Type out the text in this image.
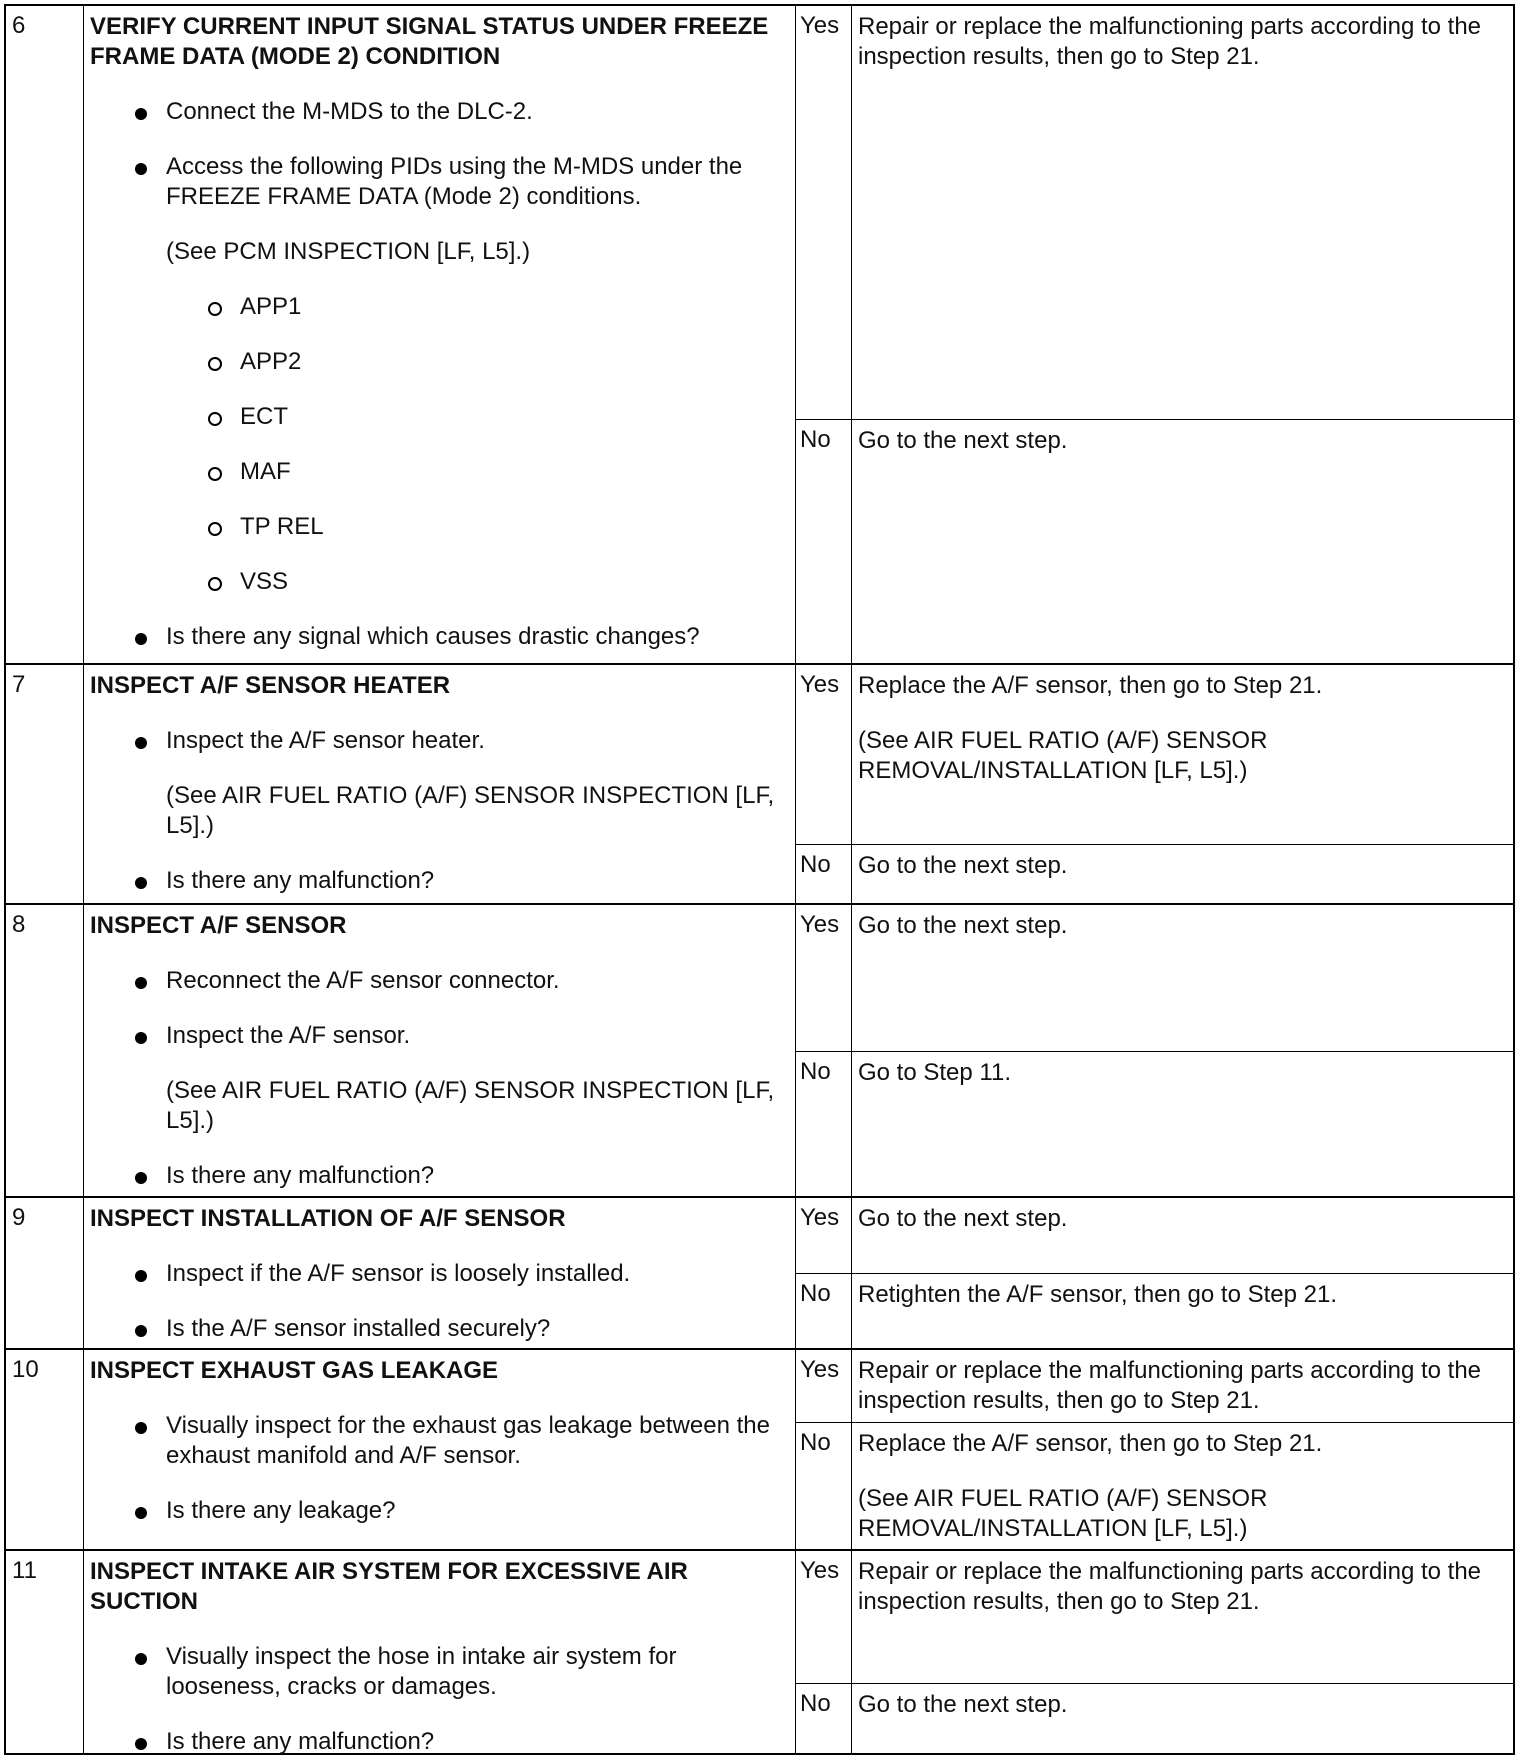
6	VERIFY CURRENT INPUT SIGNAL STATUS UNDER FREEZE FRAME DATA (MODE 2) CONDITION
Connect the M-MDS to the DLC-2.
Access the following PIDs using the M-MDS under the FREEZE FRAME DATA (Mode 2) conditions.
(See PCM INSPECTION [LF, L5].)
APP1
APP2
ECT
MAF
TP REL
VSS
Is there any signal which causes drastic changes?
Yes Repair or replace the malfunctioning parts according to the inspection results, then go to Step 21.
No	Go to the next step.
7	INSPECT A/F SENSOR HEATER
Inspect the A/F sensor heater.
(See AIR FUEL RATIO (A/F) SENSOR INSPECTION [LF, L5].)
Is there any malfunction?
Yes Replace the A/F sensor, then go to Step 21.
(See AIR FUEL RATIO (A/F) SENSOR REMOVAL/INSTALLATION [LF, L5].)
No	Go to the next step.
8	INSPECT A/F SENSOR
Reconnect the A/F sensor connector.
Inspect the A/F sensor.
(See AIR FUEL RATIO (A/F) SENSOR INSPECTION [LF, L5].)
Is there any malfunction?
Yes Go to the next step.
No	Go to Step 11.
9	INSPECT INSTALLATION OF A/F SENSOR
Inspect if the A/F sensor is loosely installed.
Is the A/F sensor installed securely?
Yes Go to the next step.
No	Retighten the A/F sensor, then go to Step 21.
10	INSPECT EXHAUST GAS LEAKAGE
Visually inspect for the exhaust gas leakage between the exhaust manifold and A/F sensor.
Is there any leakage?
Yes Repair or replace the malfunctioning parts according to the inspection results, then go to Step 21.
No	Replace the A/F sensor, then go to Step 21.
(See AIR FUEL RATIO (A/F) SENSOR REMOVAL/INSTALLATION [LF, L5].)
11	INSPECT INTAKE AIR SYSTEM FOR EXCESSIVE AIR SUCTION
Visually inspect the hose in intake air system for looseness, cracks or damages.
Is there any malfunction?
Yes Repair or replace the malfunctioning parts according to the inspection results, then go to Step 21.
No	Go to the next step.
